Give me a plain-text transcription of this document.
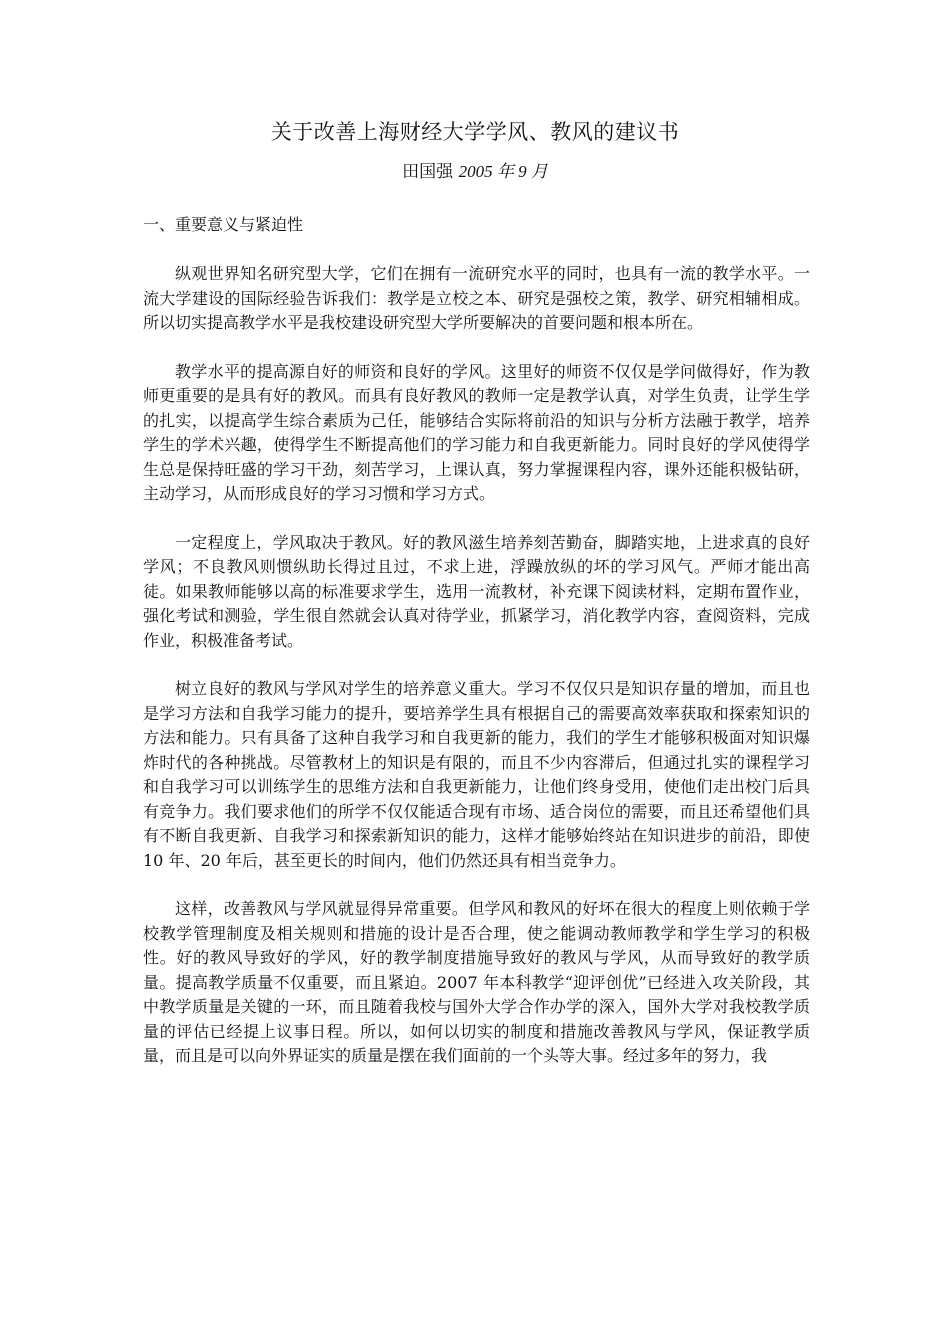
关于改善上海财经大学学风、教风的建议书
田国强 2005 年 9 月
一、重要意义与紧迫性

纵观世界知名研究型大学，它们在拥有一流研究水平的同时，也具有一流的教学水平。一流大学建设的国际经验告诉我们：教学是立校之本、研究是强校之策，教学、研究相辅相成。所以切实提高教学水平是我校建设研究型大学所要解决的首要问题和根本所在。

教学水平的提高源自好的师资和良好的学风。这里好的师资不仅仅是学问做得好，作为教师更重要的是具有好的教风。而具有良好教风的教师一定是教学认真，对学生负责，让学生学的扎实，以提高学生综合素质为己任，能够结合实际将前沿的知识与分析方法融于教学，培养学生的学术兴趣，使得学生不断提高他们的学习能力和自我更新能力。同时良好的学风使得学生总是保持旺盛的学习干劲，刻苦学习，上课认真，努力掌握课程内容，课外还能积极钻研，主动学习，从而形成良好的学习习惯和学习方式。

一定程度上，学风取决于教风。好的教风滋生培养刻苦勤奋，脚踏实地，上进求真的良好学风；不良教风则惯纵助长得过且过，不求上进，浮躁放纵的坏的学习风气。严师才能出高徒。如果教师能够以高的标准要求学生，选用一流教材，补充课下阅读材料，定期布置作业，强化考试和测验，学生很自然就会认真对待学业，抓紧学习，消化教学内容，查阅资料，完成作业，积极准备考试。

树立良好的教风与学风对学生的培养意义重大。学习不仅仅只是知识存量的增加，而且也是学习方法和自我学习能力的提升，要培养学生具有根据自己的需要高效率获取和探索知识的方法和能力。只有具备了这种自我学习和自我更新的能力，我们的学生才能够积极面对知识爆炸时代的各种挑战。尽管教材上的知识是有限的，而且不少内容滞后，但通过扎实的课程学习和自我学习可以训练学生的思维方法和自我更新能力，让他们终身受用，使他们走出校门后具有竞争力。我们要求他们的所学不仅仅能适合现有市场、适合岗位的需要，而且还希望他们具有不断自我更新、自我学习和探索新知识的能力，这样才能够始终站在知识进步的前沿，即使 10 年、20 年后，甚至更长的时间内，他们仍然还具有相当竞争力。

这样，改善教风与学风就显得异常重要。但学风和教风的好坏在很大的程度上则依赖于学校教学管理制度及相关规则和措施的设计是否合理，使之能调动教师教学和学生学习的积极性。好的教风导致好的学风，好的教学制度措施导致好的教风与学风，从而导致好的教学质量。提高教学质量不仅重要，而且紧迫。2007 年本科教学“迎评创优”已经进入攻关阶段，其中教学质量是关键的一环，而且随着我校与国外大学合作办学的深入，国外大学对我校教学质量的评估已经提上议事日程。所以，如何以切实的制度和措施改善教风与学风，保证教学质量，而且是可以向外界证实的质量是摆在我们面前的一个头等大事。经过多年的努力，我
